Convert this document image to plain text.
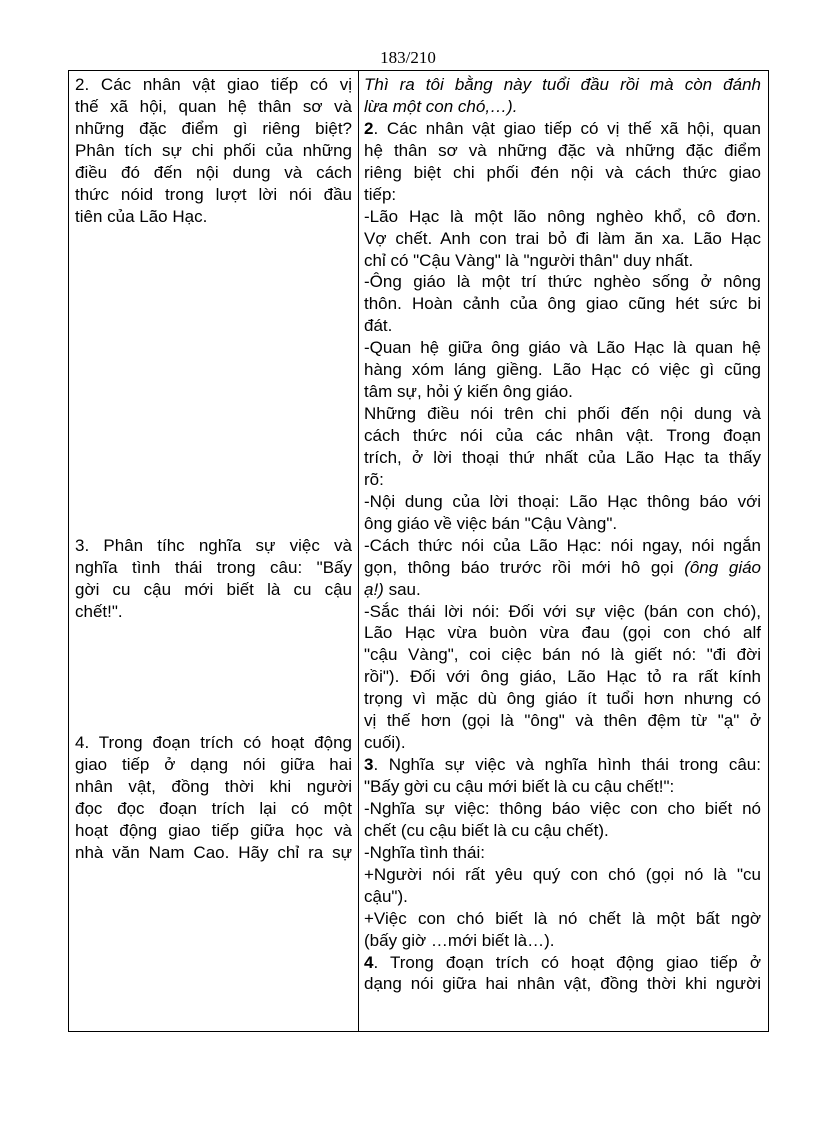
183/210
2. Các nhân vật giao tiếp có vị
thế xã hội, quan hệ thân sơ và
những đặc điểm gì riêng biệt?
Phân tích sự chi phối của những
điều đó đến nội dung và cách
thức nóid trong lượt lời nói đầu
tiên của Lão Hạc.
3. Phân tíhc nghĩa sự việc và
nghĩa tình thái trong câu: "Bấy
gời cu cậu mới biết là cu cậu
chết!".
4. Trong đoạn trích có hoạt động
giao tiếp ở dạng nói giữa hai
nhân vật, đồng thời khi người
đọc đọc đoạn trích lại có một
hoạt động giao tiếp giữa học và
nhà văn Nam Cao. Hãy chỉ ra sự
Thì ra tôi bằng này tuổi đầu rồi mà còn đánh
lừa một con chó,…).
2. Các nhân vật giao tiếp có vị thế xã hội, quan
hệ thân sơ và những đặc và những đặc điểm
riêng biệt chi phối đén nội và cách thức giao
tiếp:
-Lão Hạc là một lão nông nghèo khổ, cô đơn.
Vợ chết. Anh con trai bỏ đi làm ăn xa. Lão Hạc
chỉ có "Cậu Vàng" là "người thân" duy nhất.
-Ông giáo là một trí thức nghèo sống ở nông
thôn. Hoàn cảnh của ông giao cũng hét sức bi
đát.
-Quan hệ giữa ông giáo và Lão Hạc là quan hệ
hàng xóm láng giềng. Lão Hạc có việc gì cũng
tâm sự, hỏi ý kiến ông giáo.
Những điều nói trên chi phối đến nội dung và
cách thức nói của các nhân vật. Trong đoạn
trích, ở lời thoại thứ nhất của Lão Hạc ta thấy
rõ:
-Nội dung của lời thoại: Lão Hạc thông báo với
ông giáo về việc bán "Cậu Vàng".
-Cách thức nói của Lão Hạc: nói ngay, nói ngắn
gọn, thông báo trước rồi mới hô gọi (ông giáo
ạ!) sau.
-Sắc thái lời nói: Đối với sự việc (bán con chó),
Lão Hạc vừa buòn vừa đau (gọi con chó alf
"cậu Vàng", coi ciệc bán nó là giết nó: "đi đời
rồi"). Đối với ông giáo, Lão Hạc tỏ ra rất kính
trọng vì mặc dù ông giáo ít tuổi hơn nhưng có
vị thế hơn (gọi là "ông" và thên đệm từ "ạ" ở
cuối).
3. Nghĩa sự việc và nghĩa hình thái trong câu:
"Bấy gời cu cậu mới biết là cu cậu chết!":
-Nghĩa sự việc: thông báo việc con cho biết nó
chết (cu cậu biết là cu cậu chết).
-Nghĩa tình thái:
+Người nói rất yêu quý con chó (gọi nó là "cu
cậu").
+Việc con chó biết là nó chết là một bất ngờ
(bấy giờ …mới biết là…).
4. Trong đoạn trích có hoạt động giao tiếp ở
dạng nói giữa hai nhân vật, đồng thời khi người
